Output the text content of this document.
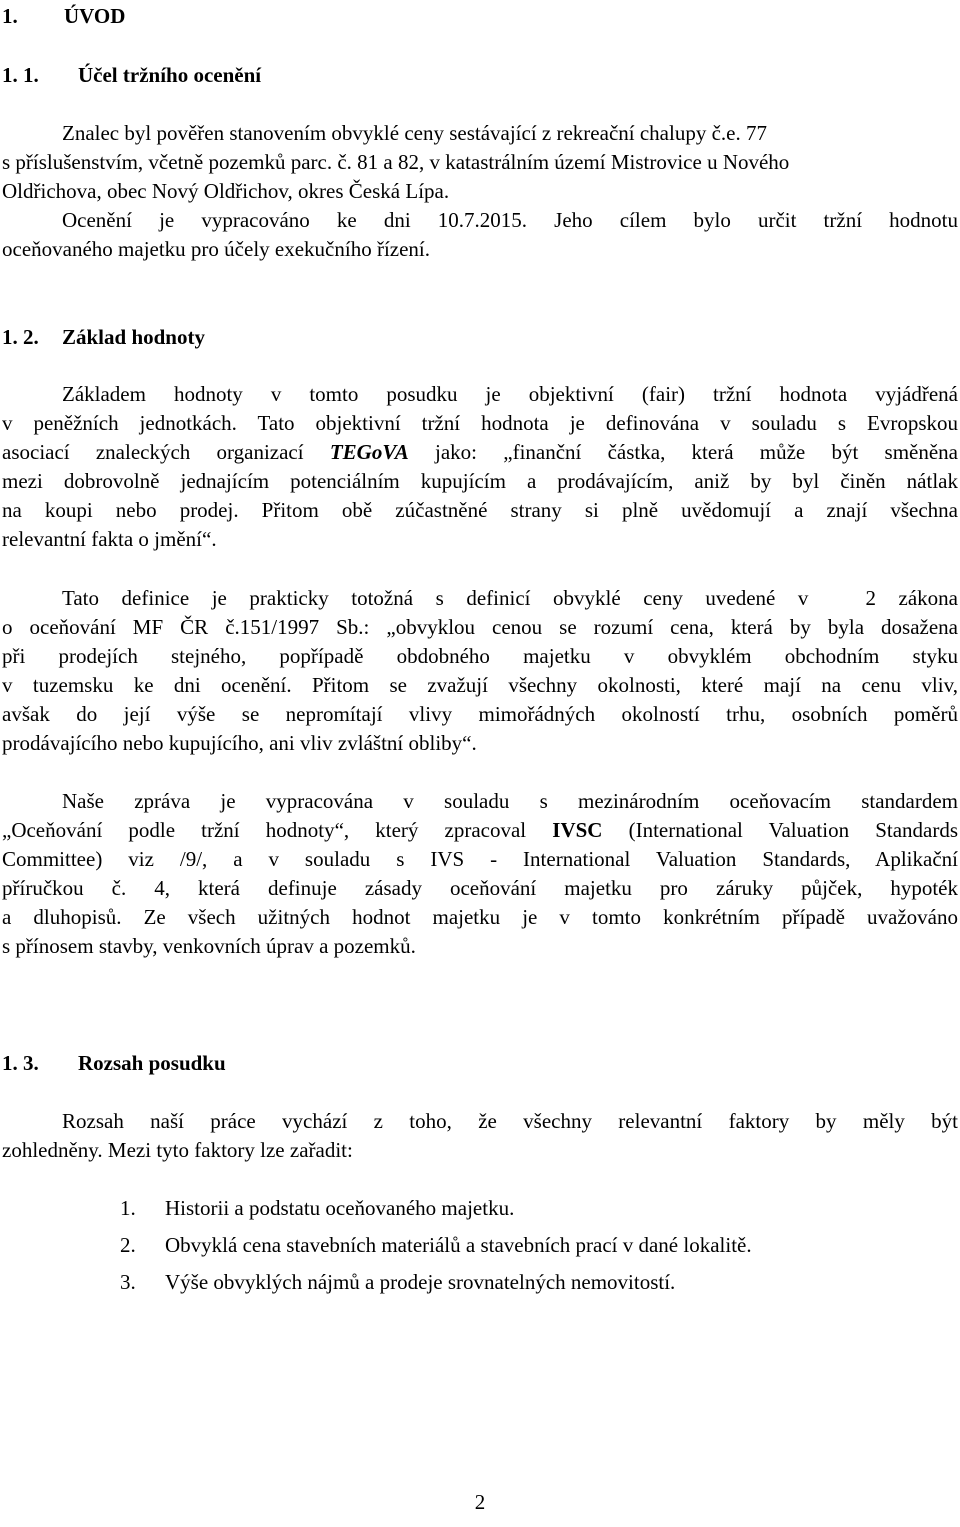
1. ÚVOD
1. 1. Účel tržního ocenění
Znalec byl pověřen stanovením obvyklé ceny sestávající z rekreační chalupy č.e. 77
s příslušenstvím, včetně pozemků parc. č. 81 a 82, v katastrálním území Mistrovice u Nového
Oldřichova, obec Nový Oldřichov, okres Česká Lípa.
Ocenění je vypracováno ke dni 10.7.2015. Jeho cílem bylo určit tržní hodnotu
oceňovaného majetku pro účely exekučního řízení.
1. 2. Základ hodnoty
Základem hodnoty v tomto posudku je objektivní (fair) tržní hodnota vyjádřená
v peněžních jednotkách. Tato objektivní tržní hodnota je definována v souladu s Evropskou
asociací znaleckých organizací TEGoVA jako: „finanční částka, která může být směněna
mezi dobrovolně jednajícím potenciálním kupujícím a prodávajícím, aniž by byl činěn nátlak
na koupi nebo prodej. Přitom obě zúčastněné strany si plně uvědomují a znají všechna
relevantní fakta o jmění“.
Tato definice je prakticky totožná s definicí obvyklé ceny uvedené v	2 zákona
o oceňování MF ČR č.151/1997 Sb.: „obvyklou cenou se rozumí cena, která by byla dosažena
při prodejích stejného, popřípadě obdobného majetku v obvyklém obchodním styku
v tuzemsku ke dni ocenění. Přitom se zvažují všechny okolnosti, které mají na cenu vliv,
avšak do její výše se nepromítají vlivy mimořádných okolností trhu, osobních poměrů
prodávajícího nebo kupujícího, ani vliv zvláštní obliby“.
Naše zpráva je vypracována v souladu s mezinárodním oceňovacím standardem
„Oceňování podle tržní hodnoty“, který zpracoval IVSC (International Valuation Standards
Committee) viz /9/, a v souladu s IVS - International Valuation Standards, Aplikační
příručkou č. 4, která definuje zásady oceňování majetku pro záruky půjček, hypoték
a dluhopisů. Ze všech užitných hodnot majetku je v tomto konkrétním případě uvažováno
s přínosem stavby, venkovních úprav a pozemků.
1. 3. Rozsah posudku
Rozsah naší práce vychází z toho, že všechny relevantní faktory by měly být
zohledněny. Mezi tyto faktory lze zařadit:
1. Historii a podstatu oceňovaného majetku.
2. Obvyklá cena stavebních materiálů a stavebních prací v dané lokalitě.
3. Výše obvyklých nájmů a prodeje srovnatelných nemovitostí.
2
